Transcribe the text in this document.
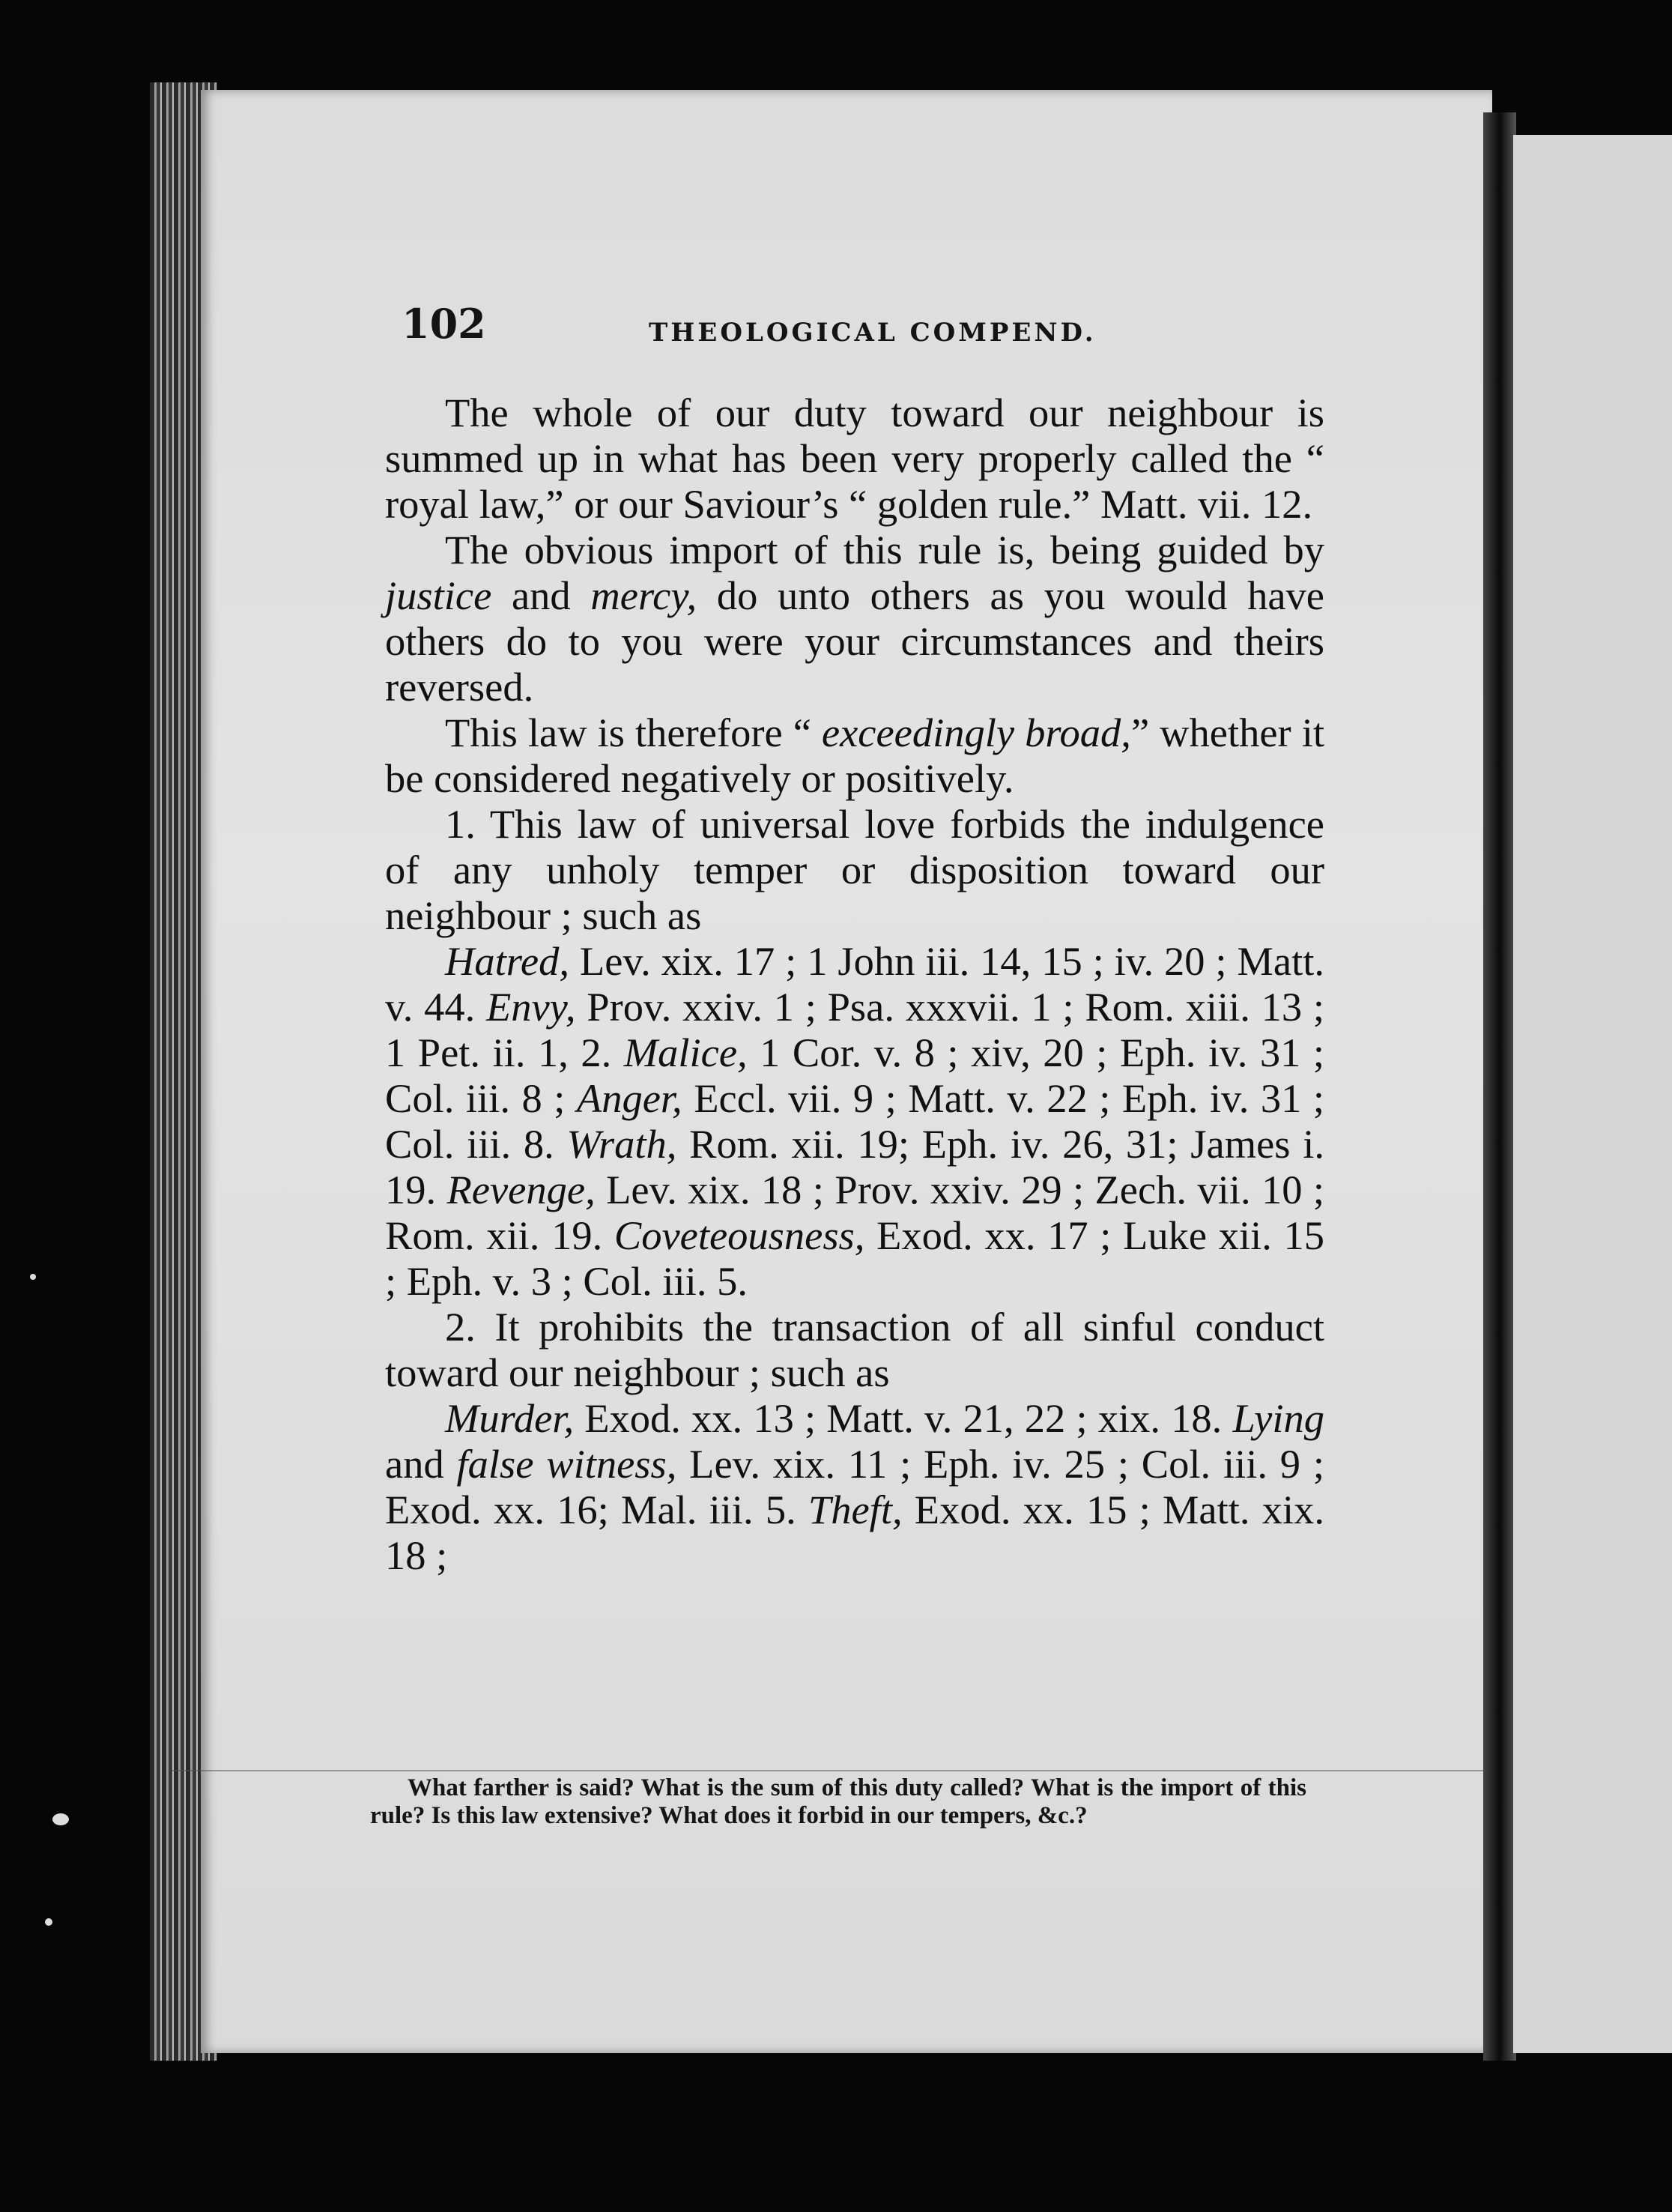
102	THEOLOGICAL COMPEND.

The whole of our duty toward our neighbour is summed up in what has been very properly called the “ royal law,” or our Saviour’s “ golden rule.” Matt. vii. 12.

The obvious import of this rule is, being guided by justice and mercy, do unto others as you would have others do to you were your circumstances and theirs reversed.

This law is therefore “ exceedingly broad,” whether it be considered negatively or positively.

1. This law of universal love forbids the indulgence of any unholy temper or disposition toward our neighbour ; such as

Hatred, Lev. xix. 17 ; 1 John iii. 14, 15 ; iv. 20 ; Matt. v. 44. Envy, Prov. xxiv. 1 ; Psa. xxxvii. 1 ; Rom. xiii. 13 ; 1 Pet. ii. 1, 2. Malice, 1 Cor. v. 8 ; xiv, 20 ; Eph. iv. 31 ; Col. iii. 8 ; Anger, Eccl. vii. 9 ; Matt. v. 22 ; Eph. iv. 31 ; Col. iii. 8. Wrath, Rom. xii. 19; Eph. iv. 26, 31; James i. 19. Revenge, Lev. xix. 18 ; Prov. xxiv. 29 ; Zech. vii. 10 ; Rom. xii. 19. Coveteousness, Exod. xx. 17 ; Luke xii. 15 ; Eph. v. 3 ; Col. iii. 5.

2. It prohibits the transaction of all sinful conduct toward our neighbour ; such as

Murder, Exod. xx. 13 ; Matt. v. 21, 22 ; xix. 18. Lying and false witness, Lev. xix. 11 ; Eph. iv. 25 ; Col. iii. 9 ; Exod. xx. 16; Mal. iii. 5. Theft, Exod. xx. 15 ; Matt. xix. 18 ;

What farther is said? What is the sum of this duty called? What is the import of this rule? Is this law extensive? What does it forbid in our tempers, &c.?
